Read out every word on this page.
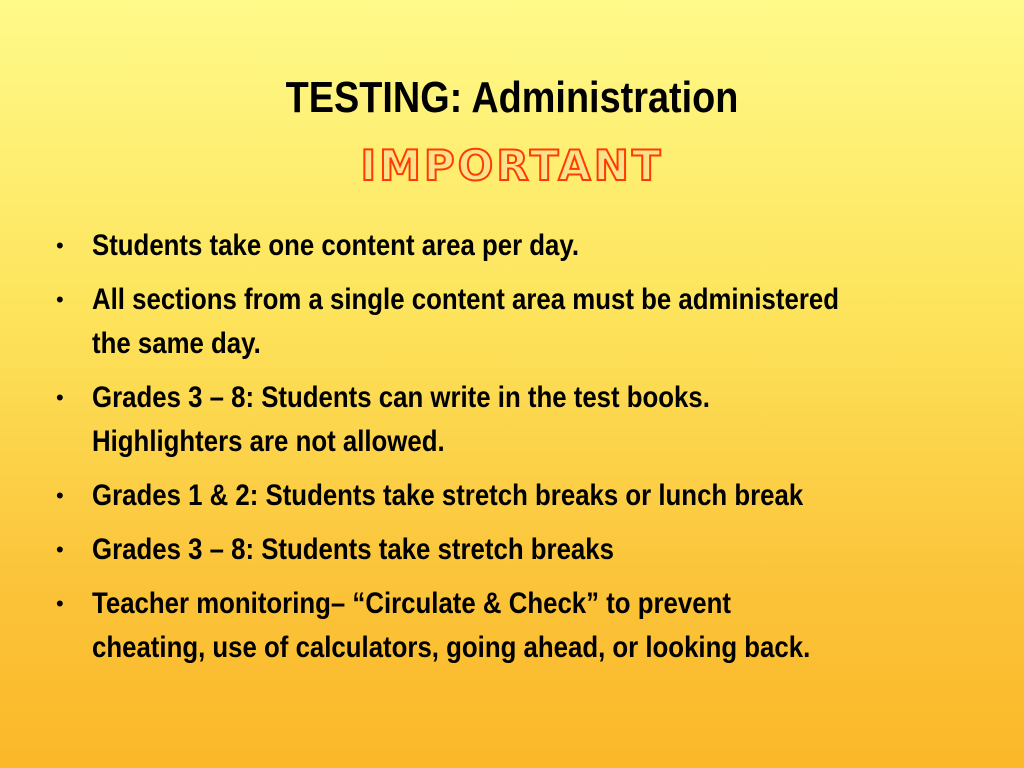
TESTING: Administration
IMPORTANT
• Students take one content area per day.
• All sections from a single content area must be administered
the same day.
• Grades 3 – 8: Students can write in the test books.
Highlighters are not allowed.
• Grades 1 & 2: Students take stretch breaks or lunch break
• Grades 3 – 8: Students take stretch breaks
• Teacher monitoring– “Circulate & Check” to prevent
cheating, use of calculators, going ahead, or looking back.
